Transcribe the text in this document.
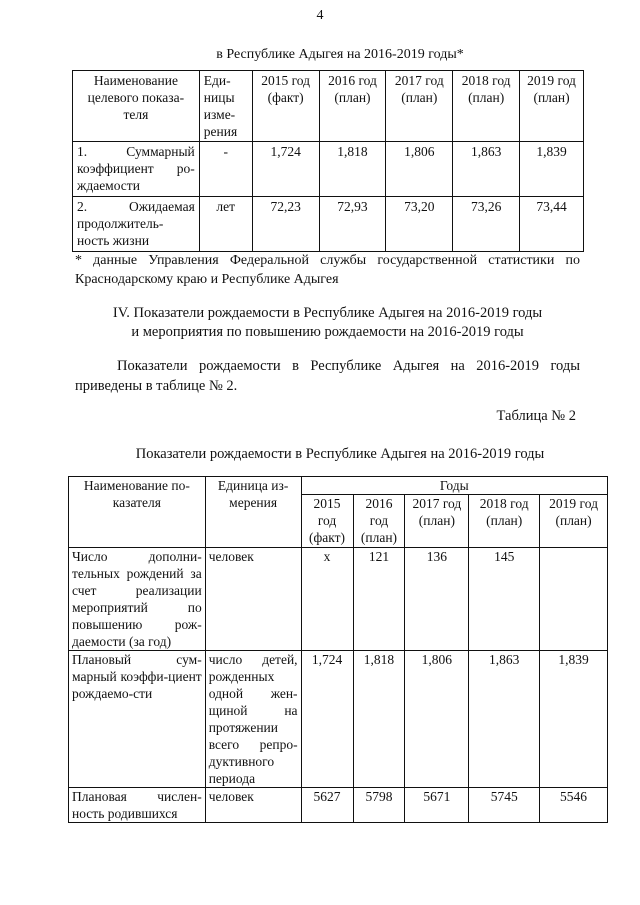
4
в Республике Адыгея на 2016-2019 годы*
Наименование целевого показа-теля	Еди-ницы изме-рения	2015 год (факт)	2016 год (план)	2017 год (план)	2018 год (план)	2019 год (план)
1. Суммарный коэффициент ро-ждаемости	-	1,724	1,818	1,806	1,863	1,839
2. Ожидаемая продолжитель-ность жизни	лет	72,23	72,93	73,20	73,26	73,44
* данные Управления Федеральной службы государственной статистики по Краснодарскому краю и Республике Адыгея
IV. Показатели рождаемости в Республике Адыгея на 2016-2019 годы
и мероприятия по повышению рождаемости на 2016-2019 годы
Показатели рождаемости в Республике Адыгея на 2016-2019 годы приведены в таблице № 2.
Таблица № 2
Показатели рождаемости в Республике Адыгея на 2016-2019 годы
Наименование по-казателя	Единица из-мерения	Годы				
		2015 год (факт)	2016 год (план)	2017 год (план)	2018 год (план)	2019 год (план)
Число дополни-тельных рождений за счет реализации мероприятий по повышению рож-даемости (за год)	человек	х	121	136	145	
Плановый сум-марный коэффи-циент рождаемо-сти	число детей, рожденных одной жен-щиной на протяжении всего репро-дуктивного периода	1,724	1,818	1,806	1,863	1,839
Плановая числен-ность родившихся	человек	5627	5798	5671	5745	5546
